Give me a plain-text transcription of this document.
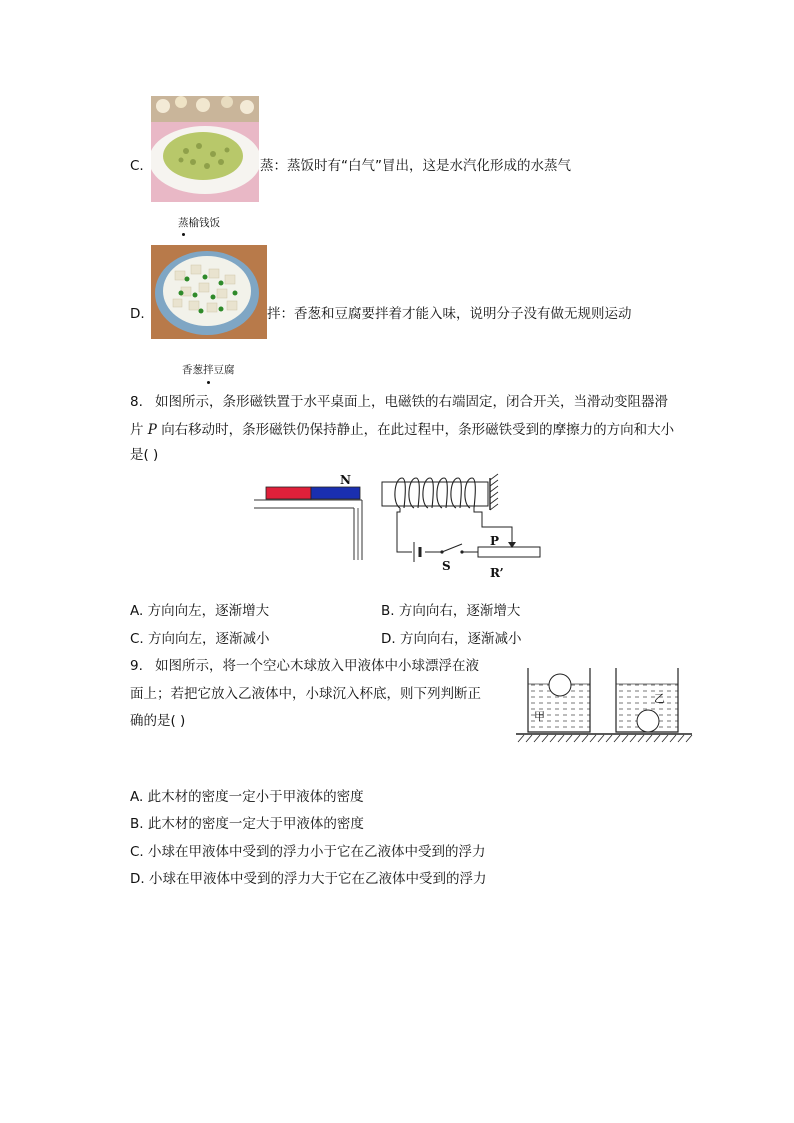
C.	蒸：蒸饭时有“白气”冒出，这是水汽化形成的水蒸气
蒸榆钱饭
D.	拌：香葱和豆腐要拌着才能入味，说明分子没有做无规则运动
香葱拌豆腐
8. 如图所示，条形磁铁置于水平桌面上，电磁铁的右端固定，闭合开关，当滑动变阻器滑
片 P 向右移动时，条形磁铁仍保持静止，在此过程中，条形磁铁受到的摩擦力的方向和大小
是( )
N
S
P
R’
A. 方向向左，逐渐增大	B. 方向向右，逐渐增大
C. 方向向左，逐渐减小	D. 方向向右，逐渐减小
9. 如图所示，将一个空心木球放入甲液体中小球漂浮在液
面上；若把它放入乙液体中，小球沉入杯底，则下列判断正
确的是( )	甲
乙
A. 此木材的密度一定小于甲液体的密度
B. 此木材的密度一定大于甲液体的密度
C. 小球在甲液体中受到的浮力小于它在乙液体中受到的浮力
D. 小球在甲液体中受到的浮力大于它在乙液体中受到的浮力
